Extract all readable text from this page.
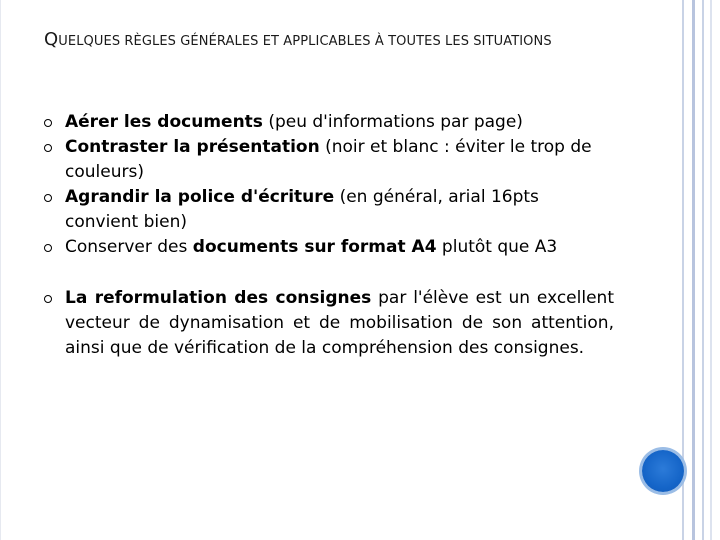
QUELQUES RÈGLES GÉNÉRALES ET APPLICABLES À TOUTES LES SITUATIONS
Aérer les documents (peu d'informations par page)
Contraster la présentation (noir et blanc : éviter le trop de couleurs)
Agrandir la police d'écriture (en général, arial 16pts convient bien)
Conserver des documents sur format A4 plutôt que A3
La reformulation des consignes par l'élève est un excellent vecteur de dynamisation et de mobilisation de son attention, ainsi que de vérification de la compréhension des consignes.
